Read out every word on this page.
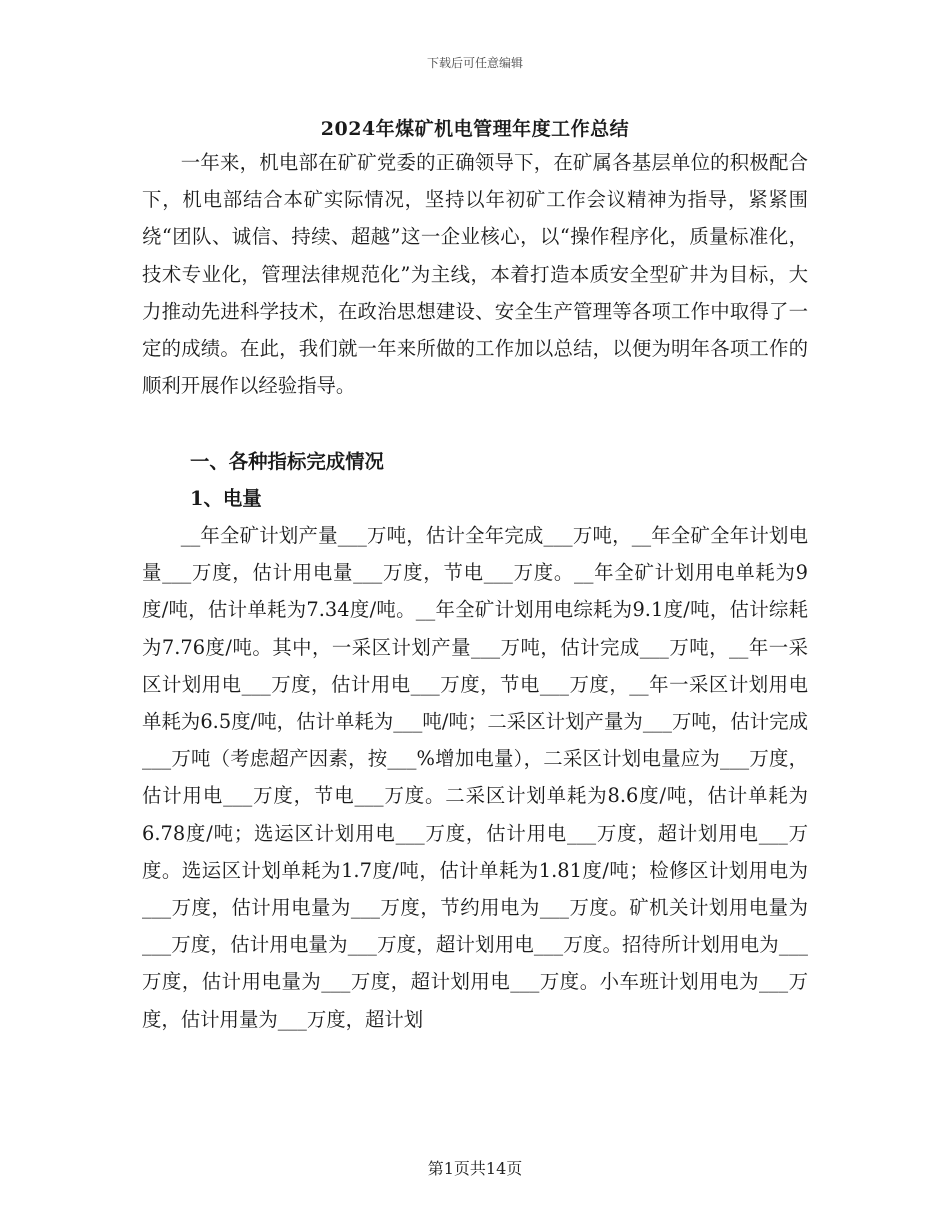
下载后可任意编辑
2024年煤矿机电管理年度工作总结

一年来，机电部在矿矿党委的正确领导下，在矿属各基层单位的积极配合下，机电部结合本矿实际情况，坚持以年初矿工作会议精神为指导，紧紧围绕“团队、诚信、持续、超越”这一企业核心，以“操作程序化，质量标准化，技术专业化，管理法律规范化”为主线，本着打造本质安全型矿井为目标，大力推动先进科学技术，在政治思想建设、安全生产管理等各项工作中取得了一定的成绩。在此，我们就一年来所做的工作加以总结，以便为明年各项工作的顺利开展作以经验指导。

一、各种指标完成情况
1、电量

__年全矿计划产量___万吨，估计全年完成___万吨，__年全矿全年计划电量___万度，估计用电量___万度，节电___万度。__年全矿计划用电单耗为9度/吨，估计单耗为7.34度/吨。__年全矿计划用电综耗为9.1度/吨，估计综耗为7.76度/吨。其中，一采区计划产量___万吨，估计完成___万吨，__年一采区计划用电___万度，估计用电___万度，节电___万度，__年一采区计划用电单耗为6.5度/吨，估计单耗为___吨/吨；二采区计划产量为___万吨，估计完成___万吨（考虑超产因素，按___%增加电量），二采区计划电量应为___万度，估计用电___万度，节电___万度。二采区计划单耗为8.6度/吨，估计单耗为6.78度/吨；选运区计划用电___万度，估计用电___万度，超计划用电___万度。选运区计划单耗为1.7度/吨，估计单耗为1.81度/吨；检修区计划用电为___万度，估计用电量为___万度，节约用电为___万度。矿机关计划用电量为___万度，估计用电量为___万度，超计划用电___万度。招待所计划用电为___万度，估计用电量为___万度，超计划用电___万度。小车班计划用电为___万度，估计用量为___万度，超计划

第1页共14页
